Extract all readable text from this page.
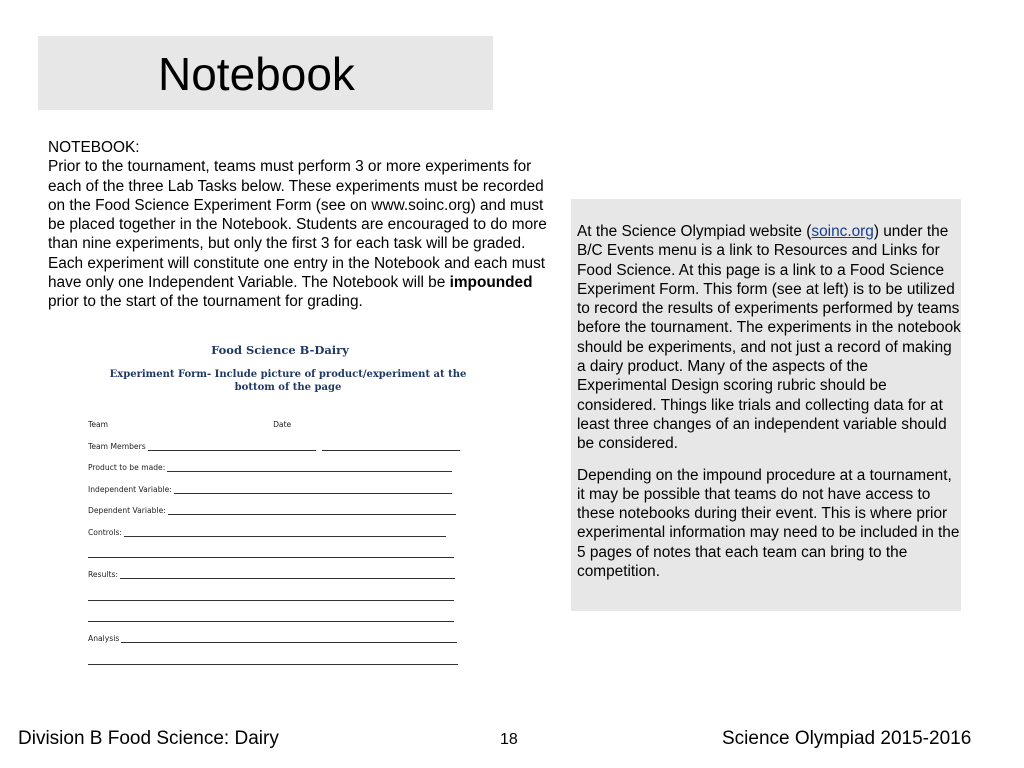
Notebook

NOTEBOOK:
Prior to the tournament, teams must perform 3 or more experiments for each of the three Lab Tasks below. These experiments must be recorded on the Food Science Experiment Form (see on www.soinc.org) and must be placed together in the Notebook. Students are encouraged to do more than nine experiments, but only the first 3 for each task will be graded. Each experiment will constitute one entry in the Notebook and each must have only one Independent Variable. The Notebook will be impounded prior to the start of the tournament for grading.

Food Science B-Dairy
Experiment Form- Include picture of product/experiment at the bottom of the page
Team	Date
Team Members
Product to be made:
Independent Variable:
Dependent Variable:
Controls:
Results:
Analysis

At the Science Olympiad website (soinc.org) under the B/C Events menu is a link to Resources and Links for Food Science. At this page is a link to a Food Science Experiment Form. This form (see at left) is to be utilized to record the results of experiments performed by teams before the tournament. The experiments in the notebook should be experiments, and not just a record of making a dairy product. Many of the aspects of the Experimental Design scoring rubric should be considered. Things like trials and collecting data for at least three changes of an independent variable should be considered.

Depending on the impound procedure at a tournament, it may be possible that teams do not have access to these notebooks during their event. This is where prior experimental information may need to be included in the 5 pages of notes that each team can bring to the competition.

Division B Food Science: Dairy	18	Science Olympiad 2015-2016
